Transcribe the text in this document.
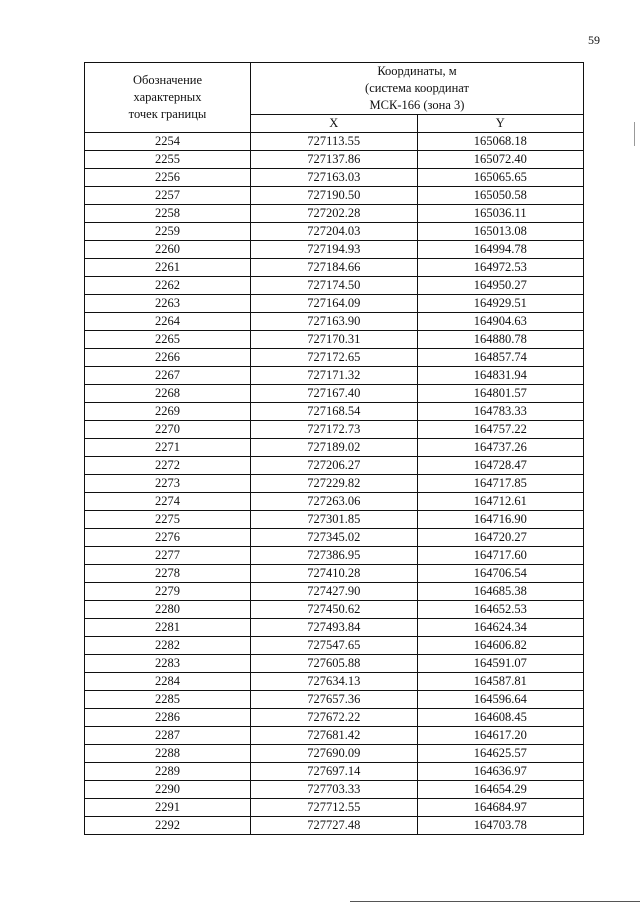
59
Обозначение
характерных
точек границы	Координаты, м
(система координат
МСК-166 (зона 3)	

	X	Y
2254	727113.55	165068.18
2255	727137.86	165072.40
2256	727163.03	165065.65
2257	727190.50	165050.58
2258	727202.28	165036.11
2259	727204.03	165013.08
2260	727194.93	164994.78
2261	727184.66	164972.53
2262	727174.50	164950.27
2263	727164.09	164929.51
2264	727163.90	164904.63
2265	727170.31	164880.78
2266	727172.65	164857.74
2267	727171.32	164831.94
2268	727167.40	164801.57
2269	727168.54	164783.33
2270	727172.73	164757.22
2271	727189.02	164737.26
2272	727206.27	164728.47
2273	727229.82	164717.85
2274	727263.06	164712.61
2275	727301.85	164716.90
2276	727345.02	164720.27
2277	727386.95	164717.60
2278	727410.28	164706.54
2279	727427.90	164685.38
2280	727450.62	164652.53
2281	727493.84	164624.34
2282	727547.65	164606.82
2283	727605.88	164591.07
2284	727634.13	164587.81
2285	727657.36	164596.64
2286	727672.22	164608.45
2287	727681.42	164617.20
2288	727690.09	164625.57
2289	727697.14	164636.97
2290	727703.33	164654.29
2291	727712.55	164684.97
2292	727727.48	164703.78
